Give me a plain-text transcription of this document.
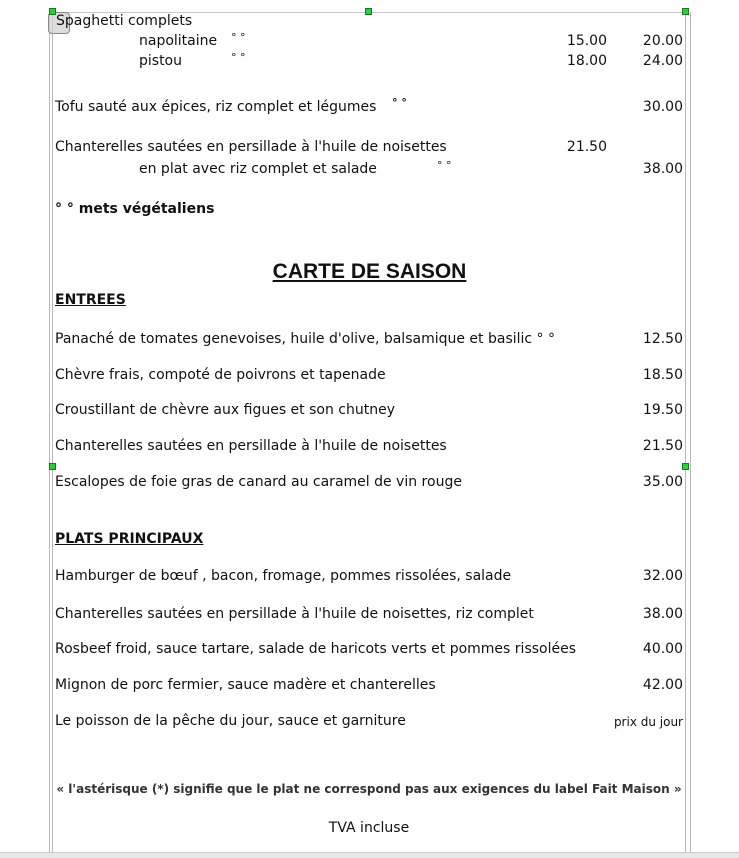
Spaghetti complets
napolitaine ° °	15.00	20.00
pistou	° °	18.00	24.00
Tofu sauté aux épices, riz complet et légumes ° °	30.00
Chanterelles sautées en persillade à l'huile de noisettes	21.50
en plat avec riz complet et salade	° °	38.00
° ° mets végétaliens
CARTE DE SAISON
ENTREES
Panaché de tomates genevoises, huile d'olive, balsamique et basilic ° °	12.50
Chèvre frais, compoté de poivrons et tapenade	18.50
Croustillant de chèvre aux figues et son chutney	19.50
Chanterelles sautées en persillade à l'huile de noisettes	21.50
Escalopes de foie gras de canard au caramel de vin rouge	35.00
PLATS PRINCIPAUX
Hamburger de bœuf , bacon, fromage, pommes rissolées, salade	32.00
Chanterelles sautées en persillade à l'huile de noisettes, riz complet	38.00
Rosbeef froid, sauce tartare, salade de haricots verts et pommes rissolées	40.00
Mignon de porc fermier, sauce madère et chanterelles	42.00
Le poisson de la pêche du jour, sauce et garniture	prix du jour
« l'astérisque (*) signifie que le plat ne correspond pas aux exigences du label Fait Maison »
TVA incluse
